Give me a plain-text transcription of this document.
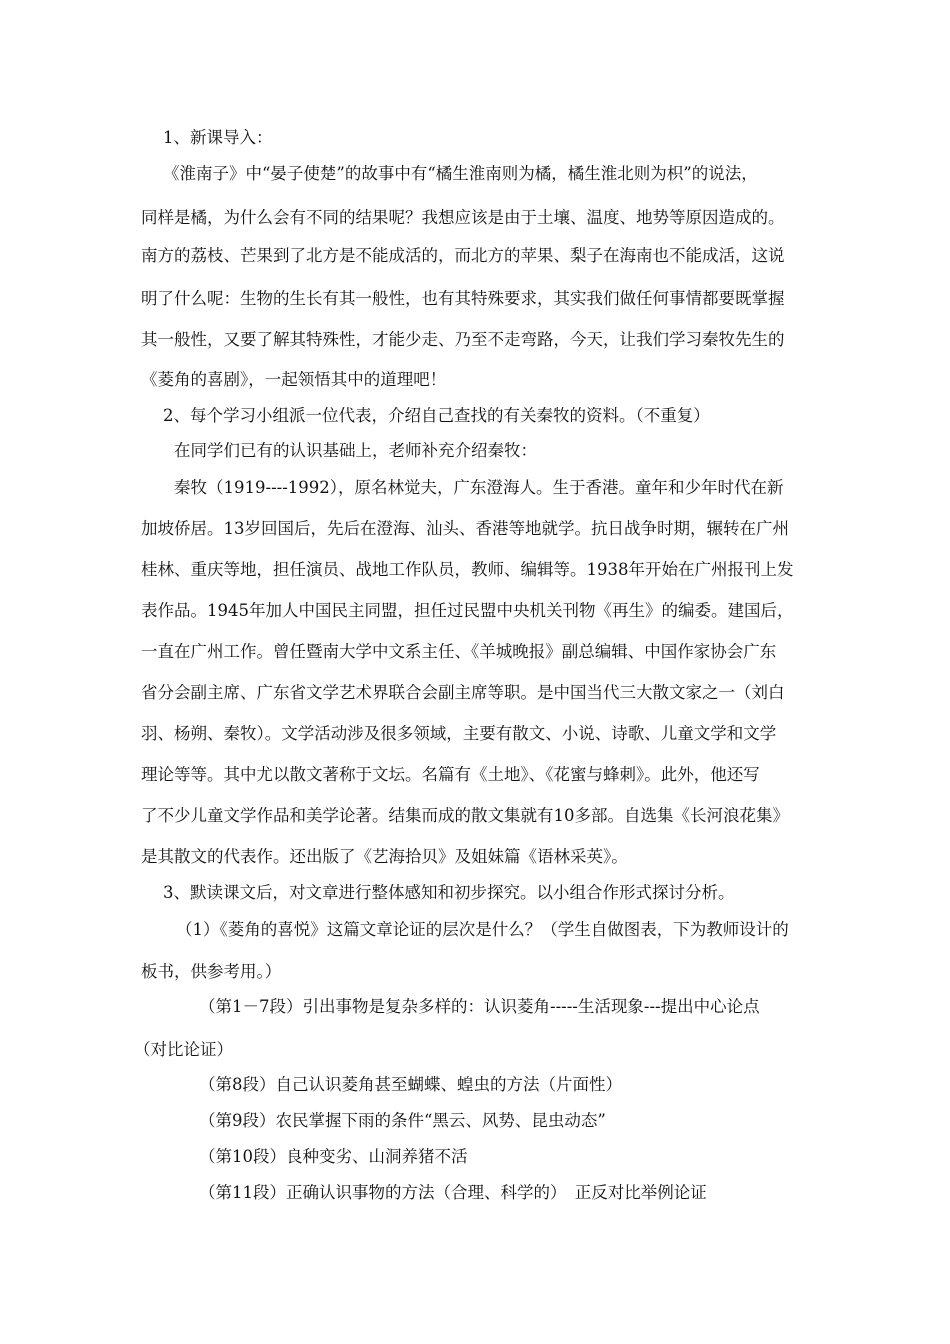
1、新课导入：

《淮南子》中“晏子使楚”的故事中有“橘生淮南则为橘，橘生淮北则为枳”的说法，

同样是橘，为什么会有不同的结果呢？我想应该是由于土壤、温度、地势等原因造成的。

南方的荔枝、芒果到了北方是不能成活的，而北方的苹果、梨子在海南也不能成活，这说

明了什么呢：生物的生长有其一般性，也有其特殊要求，其实我们做任何事情都要既掌握

其一般性，又要了解其特殊性，才能少走、乃至不走弯路，今天，让我们学习秦牧先生的

《菱角的喜剧》，一起领悟其中的道理吧！

2、每个学习小组派一位代表，介绍自己查找的有关秦牧的资料。（不重复）

在同学们已有的认识基础上，老师补充介绍秦牧：

秦牧（1919----1992），原名林觉夫，广东澄海人。生于香港。童年和少年时代在新

加坡侨居。13岁回国后，先后在澄海、汕头、香港等地就学。抗日战争时期，辗转在广州

桂林、重庆等地，担任演员、战地工作队员，教师、编辑等。1938年开始在广州报刊上发

表作品。1945年加人中国民主同盟，担任过民盟中央机关刊物《再生》的编委。建国后，

一直在广州工作。曾任暨南大学中文系主任、《羊城晚报》副总编辑、中国作家协会广东

省分会副主席、广东省文学艺术界联合会副主席等职。是中国当代三大散文家之一（刘白

羽、杨朔、秦牧）。文学活动涉及很多领域，主要有散文、小说、诗歌、儿童文学和文学

理论等等。其中尤以散文著称于文坛。名篇有《土地》、《花蜜与蜂刺》。此外，他还写

了不少儿童文学作品和美学论著。结集而成的散文集就有10多部。自选集《长河浪花集》

是其散文的代表作。还出版了《艺海拾贝》及姐妹篇《语林采英》。

3、默读课文后，对文章进行整体感知和初步探究。以小组合作形式探讨分析。

（1）《菱角的喜悦》这篇文章论证的层次是什么？（学生自做图表，下为教师设计的

板书，供参考用。）

（第1－7段）引出事物是复杂多样的：认识菱角-----生活现象---提出中心论点

（对比论证）

（第8段）自己认识菱角甚至蝴蝶、蝗虫的方法（片面性）

（第9段）农民掌握下雨的条件“黑云、风势、昆虫动态”

（第10段）良种变劣、山洞养猪不活

（第11段）正确认识事物的方法（合理、科学的）　正反对比举例论证
